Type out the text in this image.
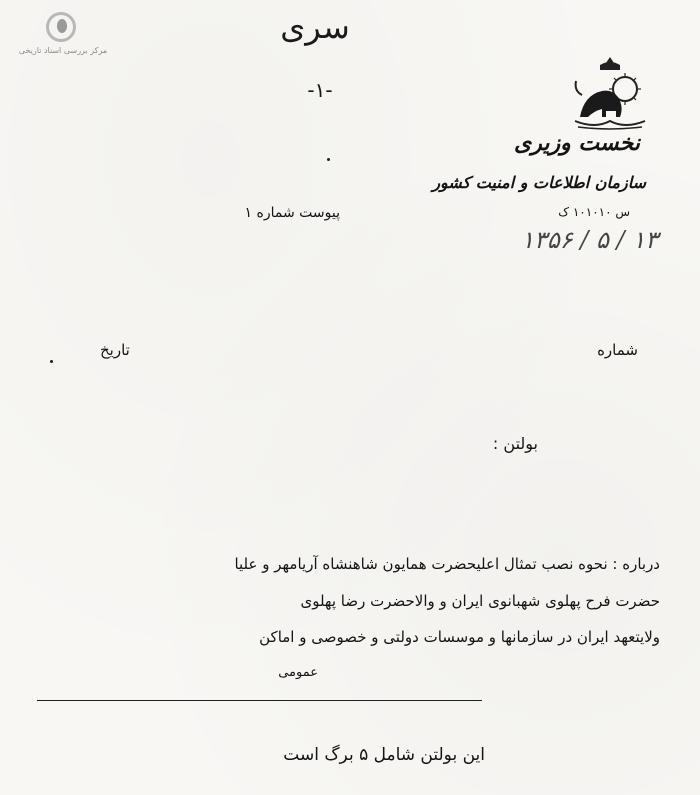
مرکز بررسی اسناد تاریخی
سری
-۱-
نخست وزیری
سازمان اطلاعات و امنیت کشور
س ۱۰۱۰۱۰ ک
۱۳۵۶ / ۵ / ۱۳
پیوست شماره ۱
شماره
تاریخ
بولتن :
درباره : نحوه نصب تمثال اعلیحضرت همایون شاهنشاه آریامهر و علیا
حضرت فرح پهلوی شهبانوی ایران و والاحضرت رضا پهلوی
ولایتعهد ایران در سازمانها و موسسات دولتی و خصوصی و اماکن
عمومی
این بولتن شامل ۵ برگ است
